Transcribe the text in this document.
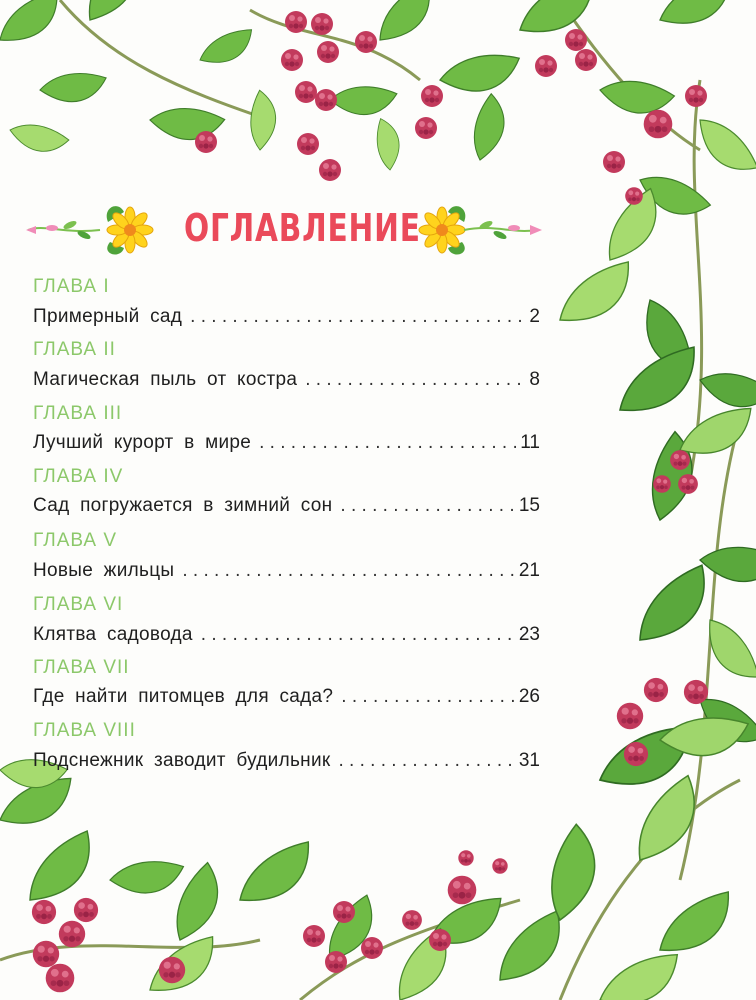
ОГЛАВЛЕНИЕ
ГЛАВА I
Примерный сад . . .	2
ГЛАВА II
Магическая пыль от костра . . .	8
ГЛАВА III
Лучший курорт в мире . . .	11
ГЛАВА IV
Сад погружается в зимний сон . . .	15
ГЛАВА V
Новые жильцы . . .	21
ГЛАВА VI
Клятва садовода . . .	23
ГЛАВА VII
Где найти питомцев для сада? . . .	26
ГЛАВА VIII
Подснежник заводит будильник . . .	31
